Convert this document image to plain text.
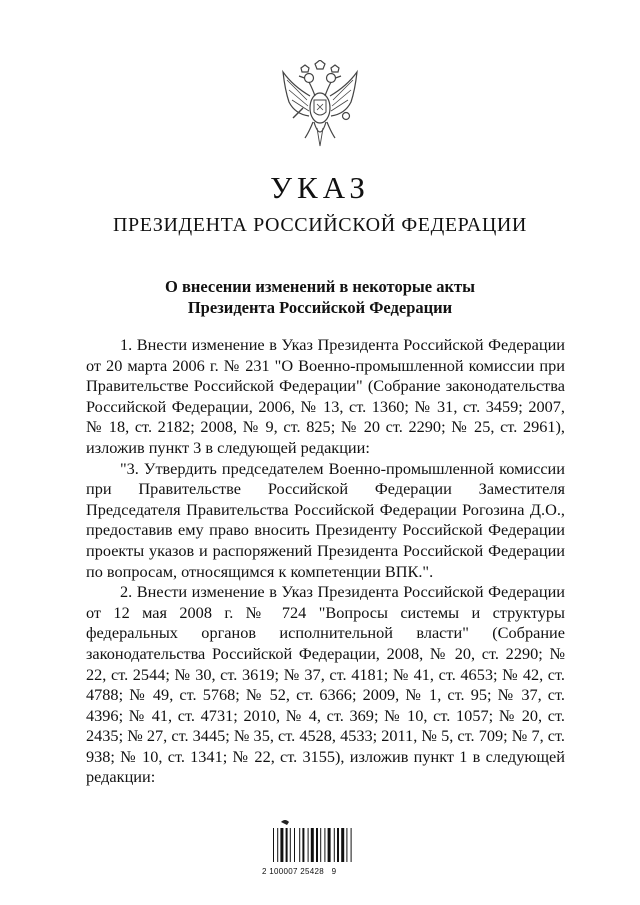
УКАЗ
ПРЕЗИДЕНТА РОССИЙСКОЙ ФЕДЕРАЦИИ
О внесении изменений в некоторые акты
Президента Российской Федерации

1. Внести изменение в Указ Президента Российской Федерации от 20 марта 2006 г. № 231 "О Военно-промышленной комиссии при Правительстве Российской Федерации" (Собрание законодательства Российской Федерации, 2006, № 13, ст. 1360; № 31, ст. 3459; 2007, № 18, ст. 2182; 2008, № 9, ст. 825; № 20 ст. 2290; № 25, ст. 2961), изложив пункт 3 в следующей редакции:

"3. Утвердить председателем Военно-промышленной комиссии при Правительстве Российской Федерации Заместителя Председателя Правительства Российской Федерации Рогозина Д.О., предоставив ему право вносить Президенту Российской Федерации проекты указов и распоряжений Президента Российской Федерации по вопросам, относящимся к компетенции ВПК.".

2. Внести изменение в Указ Президента Российской Федерации от 12 мая 2008 г. № 724 "Вопросы системы и структуры федеральных органов исполнительной власти" (Собрание законодательства Российской Федерации, 2008, № 20, ст. 2290; № 22, ст. 2544; № 30, ст. 3619; № 37, ст. 4181; № 41, ст. 4653; № 42, ст. 4788; № 49, ст. 5768; № 52, ст. 6366; 2009, № 1, ст. 95; № 37, ст. 4396; № 41, ст. 4731; 2010, № 4, ст. 369; № 10, ст. 1057; № 20, ст. 2435; № 27, ст. 3445; № 35, ст. 4528, 4533; 2011, № 5, ст. 709; № 7, ст. 938; № 10, ст. 1341; № 22, ст. 3155), изложив пункт 1 в следующей редакции:

2 100007 25428   9
